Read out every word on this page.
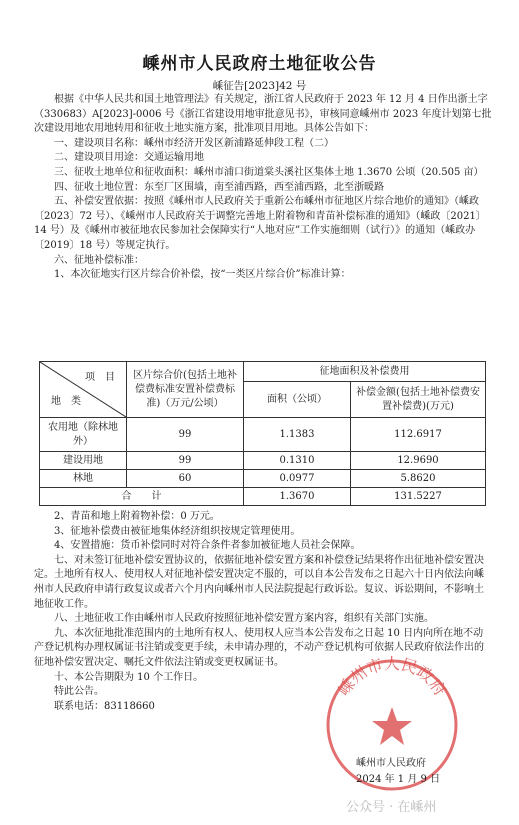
嵊州市人民政府土地征收公告
嵊征告[2023]42 号

根据《中华人民共和国土地管理法》有关规定，浙江省人民政府于 2023 年 12 月 4 日作出浙土字（330683）A[2023]-0006 号《浙江省建设用地审批意见书》，审核同意嵊州市 2023 年度计划第七批次建设用地农用地转用和征收土地实施方案，批准项目用地。具体公告如下：

一、建设项目名称：嵊州市经济开发区新浦路延伸段工程（二）

二、建设项目用途：交通运输用地

三、征收土地单位和征收面积：嵊州市浦口街道棠头溪社区集体土地 1.3670 公顷（20.505 亩）

四、征收土地位置：东至厂区围墙，南至浦西路，西至浦西路，北至浙暖路

五、补偿安置依据：按照《嵊州市人民政府关于重新公布嵊州市征地区片综合地价的通知》（嵊政〔2023〕72 号）、《嵊州市人民政府关于调整完善地上附着物和青苗补偿标准的通知》（嵊政〔2021〕14 号）及《嵊州市被征地农民参加社会保障实行“人地对应”工作实施细则（试行）》的通知（嵊政办〔2019〕18 号）等规定执行。

六、征地补偿标准：

1、本次征地实行区片综合价补偿，按“一类区片综合价”标准计算：

项　目
地　类	区片综合价(包括土地补偿费标准安置补偿费标准)（万元/公顷）	征地面积及补偿费用	
		面积（公顷）	补偿金额(包括土地补偿费安置补偿费)(万元)
农用地（除林地外）	99	1.1383	112.6917
建设用地	99	0.1310	12.9690
林地	60	0.0977	5.8620
合　　计		1.3670	131.5227

2、青苗和地上附着物补偿：0 万元。

3、征地补偿费由被征地集体经济组织按规定管理使用。

4、安置措施：货币补偿同时对符合条件者参加被征地人员社会保障。

七、对未签订征地补偿安置协议的，依据征地补偿安置方案和补偿登记结果将作出征地补偿安置决定。土地所有权人、使用权人对征地补偿安置决定不服的，可以自本公告发布之日起六十日内依法向嵊州市人民政府申请行政复议或者六个月内向嵊州市人民法院提起行政诉讼。复议、诉讼期间，不影响土地征收工作。

八、土地征收工作由嵊州市人民政府按照征地补偿安置方案内容，组织有关部门实施。

九、本次征地批准范围内的土地所有权人、使用权人应当本公告发布之日起 10 日内向所在地不动产登记机构办理权属证书注销或变更手续，未申请办理的，不动产登记机构可依据人民政府依法作出的征地补偿安置决定、嘱托文件依法注销或变更权属证书。

十、本公告期限为 10 个工作日。

特此公告。

联系电话：83118660

嵊州市人民政府
嵊州市人民政府
2024 年 1 月 9 日
公众号 · 在嵊州
